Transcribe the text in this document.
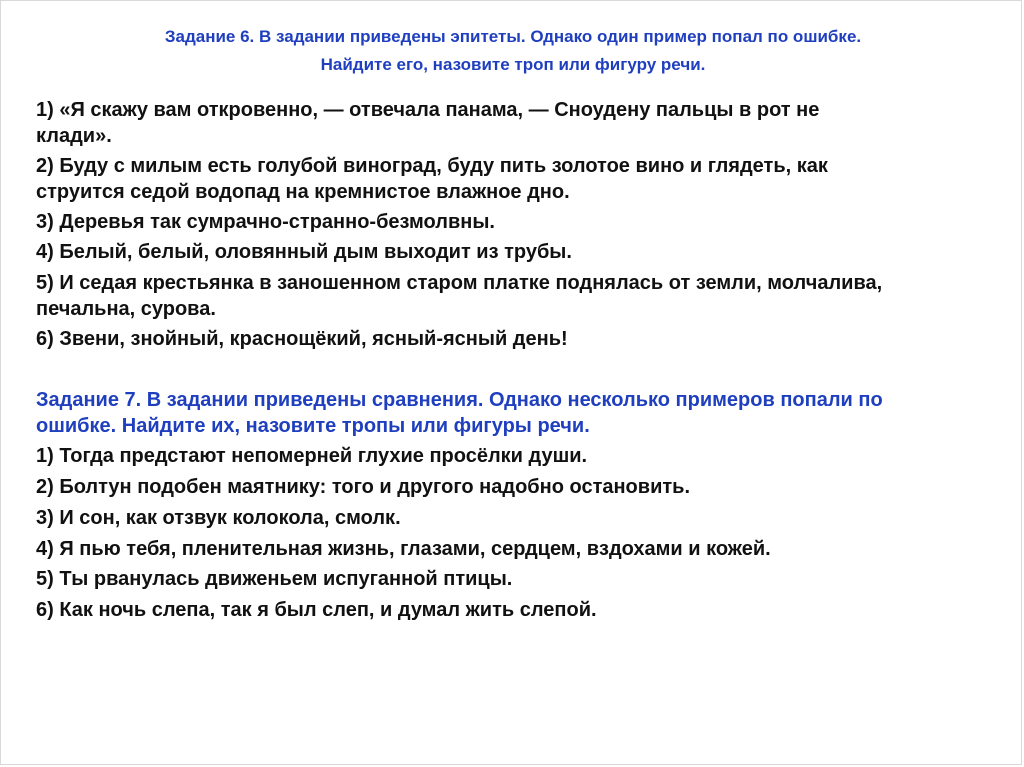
Задание 6. В задании приведены эпитеты. Однако один пример попал по ошибке.
Найдите его, назовите троп или фигуру речи.
1) «Я скажу вам откровенно, — отвечала панама, — Сноудену пальцы в рот не
клади».
2) Буду с милым есть голубой виноград, буду пить золотое вино и глядеть, как
струится седой водопад на кремнистое влажное дно.
3) Деревья так сумрачно-странно-безмолвны.
4) Белый, белый, оловянный дым выходит из трубы.
5) И седая крестьянка в заношенном старом платке поднялась от земли, молчалива,
печальна, сурова.
6) Звени, знойный, краснощёкий, ясный-ясный день!
Задание 7. В задании приведены сравнения. Однако несколько примеров попали по
ошибке. Найдите их, назовите тропы или фигуры речи.
1) Тогда предстают непомерней глухие просёлки души.
2) Болтун подобен маятнику: того и другого надобно остановить.
3) И сон, как отзвук колокола, смолк.
4) Я пью тебя, пленительная жизнь, глазами, сердцем, вздохами и кожей.
5) Ты рванулась движеньем испуганной птицы.
6) Как ночь слепа, так я был слеп, и думал жить слепой.
